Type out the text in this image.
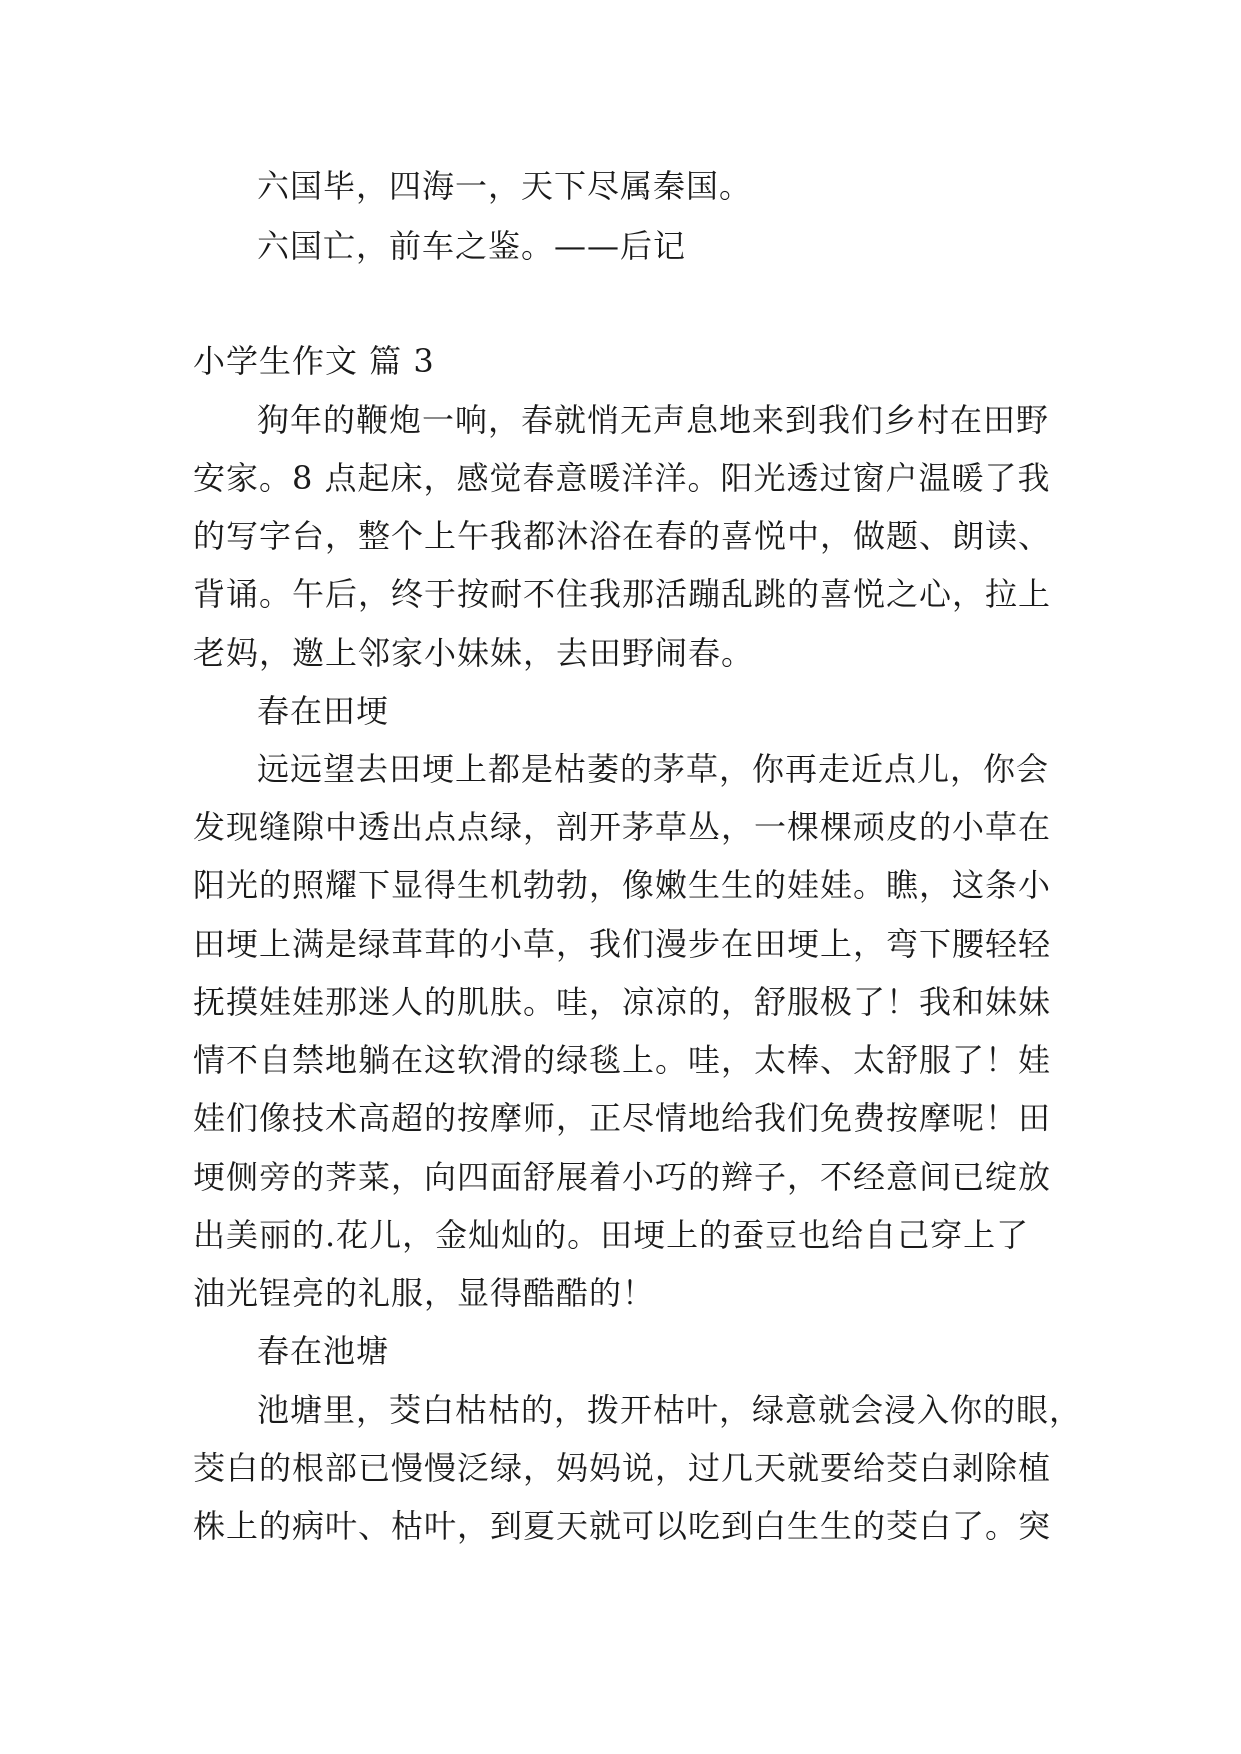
六国毕，四海一，天下尽属秦国。
六国亡，前车之鉴。——后记
小学生作文 篇 3
狗年的鞭炮一响，春就悄无声息地来到我们乡村在田野
安家。8 点起床，感觉春意暖洋洋。阳光透过窗户温暖了我
的写字台，整个上午我都沐浴在春的喜悦中，做题、朗读、
背诵。午后，终于按耐不住我那活蹦乱跳的喜悦之心，拉上
老妈，邀上邻家小妹妹，去田野闹春。
春在田埂
远远望去田埂上都是枯萎的茅草，你再走近点儿，你会
发现缝隙中透出点点绿，剖开茅草丛，一棵棵顽皮的小草在
阳光的照耀下显得生机勃勃，像嫩生生的娃娃。瞧，这条小
田埂上满是绿茸茸的小草，我们漫步在田埂上，弯下腰轻轻
抚摸娃娃那迷人的肌肤。哇，凉凉的，舒服极了！我和妹妹
情不自禁地躺在这软滑的绿毯上。哇，太棒、太舒服了！娃
娃们像技术高超的按摩师，正尽情地给我们免费按摩呢！田
埂侧旁的荠菜，向四面舒展着小巧的辫子，不经意间已绽放
出美丽的.花儿，金灿灿的。田埂上的蚕豆也给自己穿上了
油光锃亮的礼服，显得酷酷的！
春在池塘
池塘里，茭白枯枯的，拨开枯叶，绿意就会浸入你的眼，
茭白的根部已慢慢泛绿，妈妈说，过几天就要给茭白剥除植
株上的病叶、枯叶，到夏天就可以吃到白生生的茭白了。突
